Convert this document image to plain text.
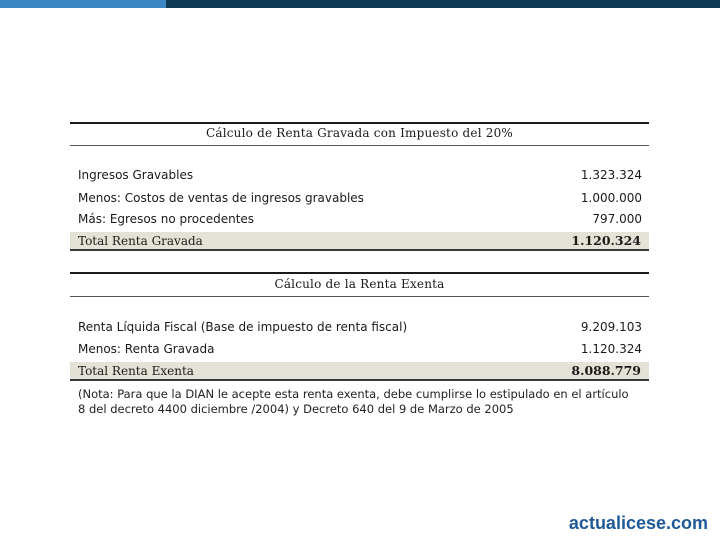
Cálculo de Renta Gravada con Impuesto del 20%
Ingresos Gravables	1.323.324
Menos: Costos de ventas de ingresos gravables	1.000.000
Más: Egresos no procedentes	797.000
Total Renta Gravada	1.120.324
Cálculo de la Renta Exenta
Renta Líquida Fiscal (Base de impuesto de renta fiscal)	9.209.103
Menos: Renta Gravada	1.120.324
Total Renta Exenta	8.088.779
(Nota: Para que la DIAN le acepte esta renta exenta, debe cumplirse lo estipulado en el artículo 8 del decreto 4400 diciembre /2004) y Decreto 640 del 9 de Marzo de 2005
actualicese.com
